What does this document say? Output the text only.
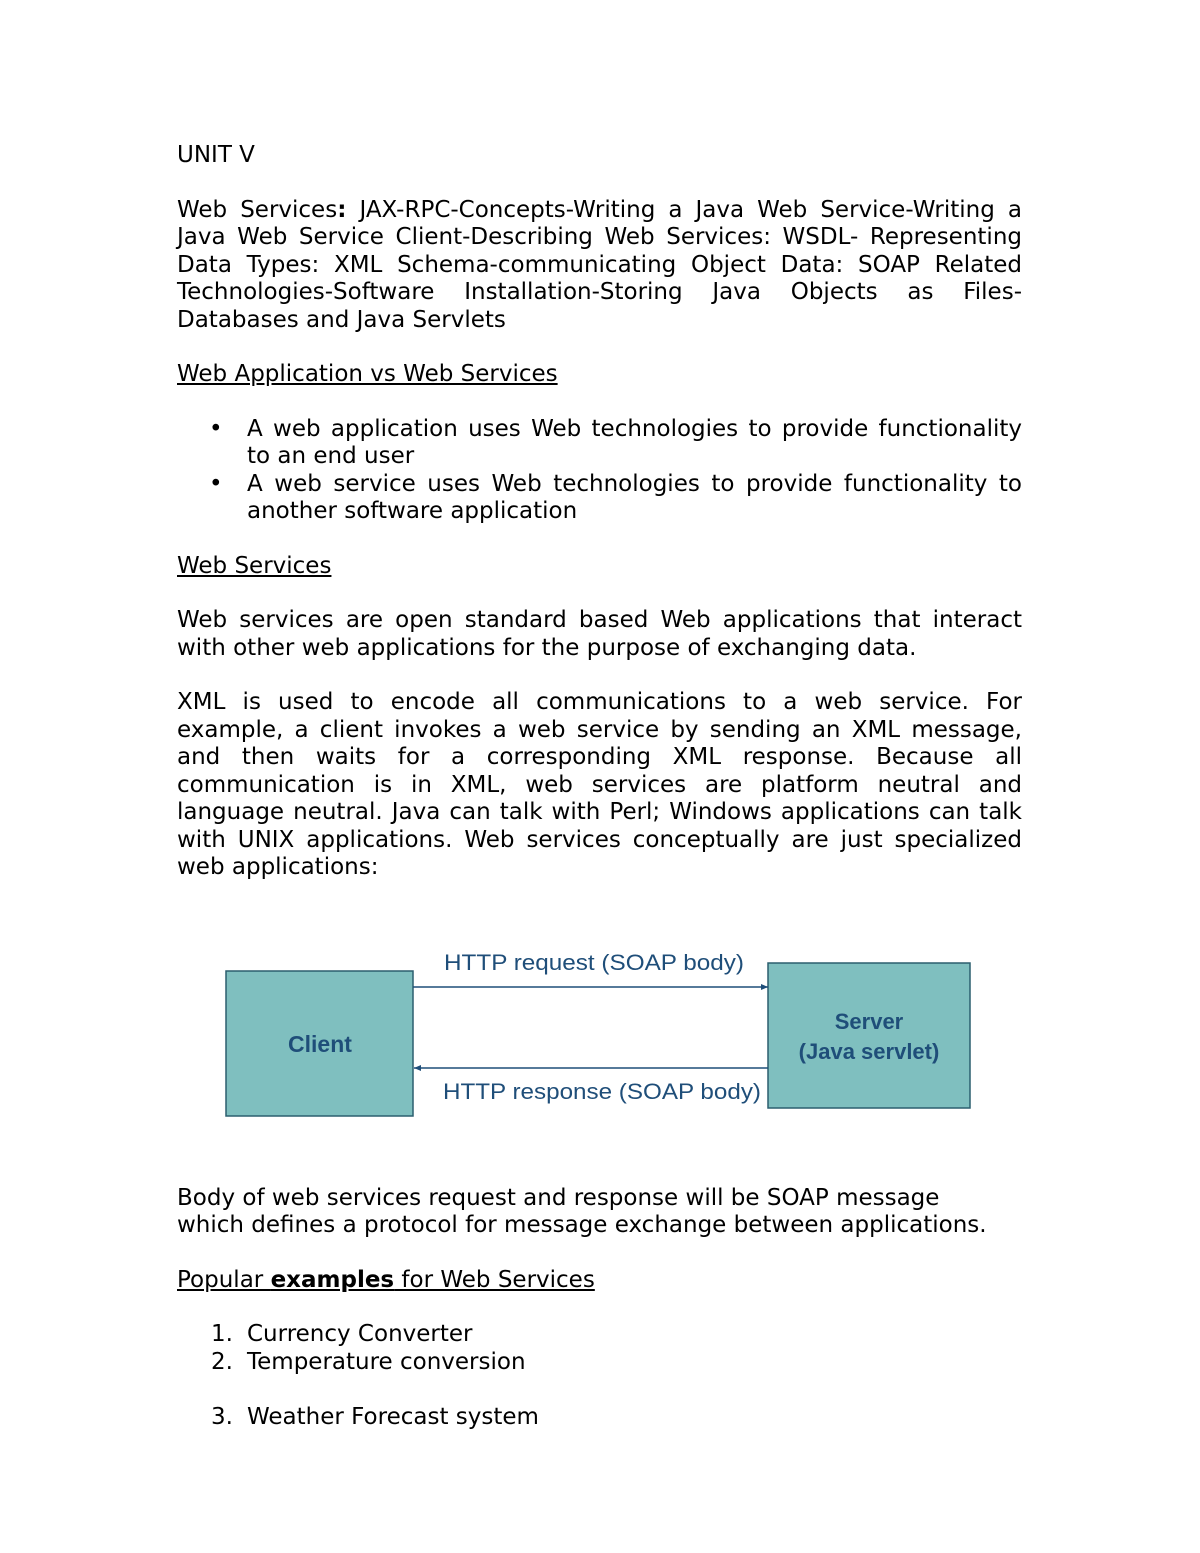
UNIT V

Web Services: JAX-RPC-Concepts-Writing a Java Web Service-Writing a Java Web Service Client-Describing Web Services: WSDL- Representing Data Types: XML Schema-communicating Object Data: SOAP Related Technologies-Software Installation-Storing Java Objects as Files-Databases and Java Servlets

Web Application vs Web Services

• A web application uses Web technologies to provide functionality to an end user
• A web service uses Web technologies to provide functionality to another software application

Web Services

Web services are open standard based Web applications that interact with other web applications for the purpose of exchanging data.

XML is used to encode all communications to a web service. For example, a client invokes a web service by sending an XML message, and then waits for a corresponding XML response. Because all communication is in XML, web services are platform neutral and language neutral. Java can talk with Perl; Windows applications can talk with UNIX applications. Web services conceptually are just specialized web applications:

Client
Server
(Java servlet)
HTTP request (SOAP body)
HTTP response (SOAP body)

Body of web services request and response will be SOAP message

which defines a protocol for message exchange between applications.

Popular examples for Web Services

1. Currency Converter
2. Temperature conversion
3. Weather Forecast system
